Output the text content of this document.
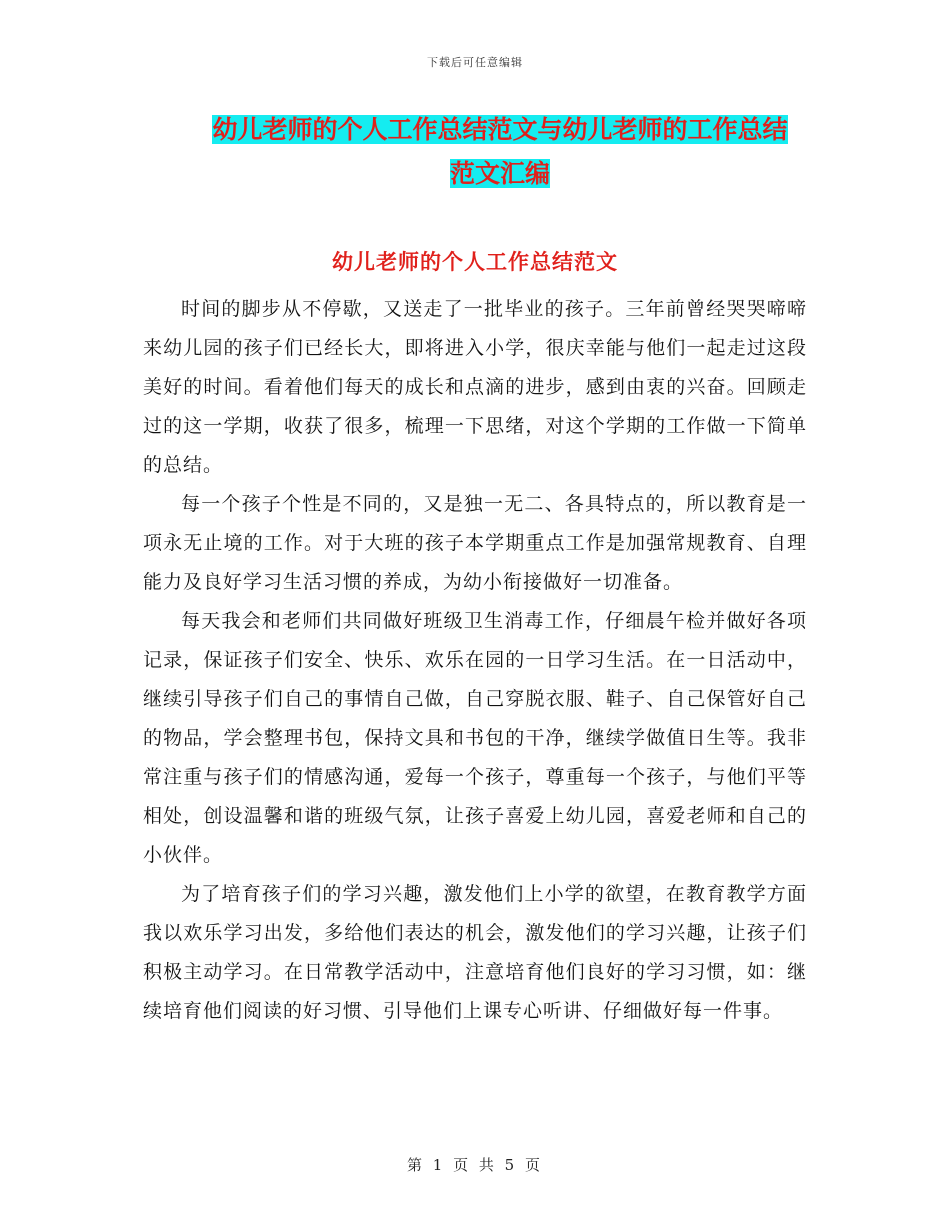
下载后可任意编辑
幼儿老师的个人工作总结范文与幼儿老师的工作总结
范文汇编
幼儿老师的个人工作总结范文

时间的脚步从不停歇，又送走了一批毕业的孩子。三年前曾经哭哭啼啼来幼儿园的孩子们已经长大，即将进入小学，很庆幸能与他们一起走过这段美好的时间。看着他们每天的成长和点滴的进步，感到由衷的兴奋。回顾走过的这一学期，收获了很多，梳理一下思绪，对这个学期的工作做一下简单的总结。

每一个孩子个性是不同的，又是独一无二、各具特点的，所以教育是一项永无止境的工作。对于大班的孩子本学期重点工作是加强常规教育、自理能力及良好学习生活习惯的养成，为幼小衔接做好一切准备。

每天我会和老师们共同做好班级卫生消毒工作，仔细晨午检并做好各项记录，保证孩子们安全、快乐、欢乐在园的一日学习生活。在一日活动中，继续引导孩子们自己的事情自己做，自己穿脱衣服、鞋子、自己保管好自己的物品，学会整理书包，保持文具和书包的干净，继续学做值日生等。我非常注重与孩子们的情感沟通，爱每一个孩子，尊重每一个孩子，与他们平等相处，创设温馨和谐的班级气氛，让孩子喜爱上幼儿园，喜爱老师和自己的小伙伴。

为了培育孩子们的学习兴趣，激发他们上小学的欲望，在教育教学方面我以欢乐学习出发，多给他们表达的机会，激发他们的学习兴趣，让孩子们积极主动学习。在日常教学活动中，注意培育他们良好的学习习惯，如：继续培育他们阅读的好习惯、引导他们上课专心听讲、仔细做好每一件事。

第 1 页 共 5 页
